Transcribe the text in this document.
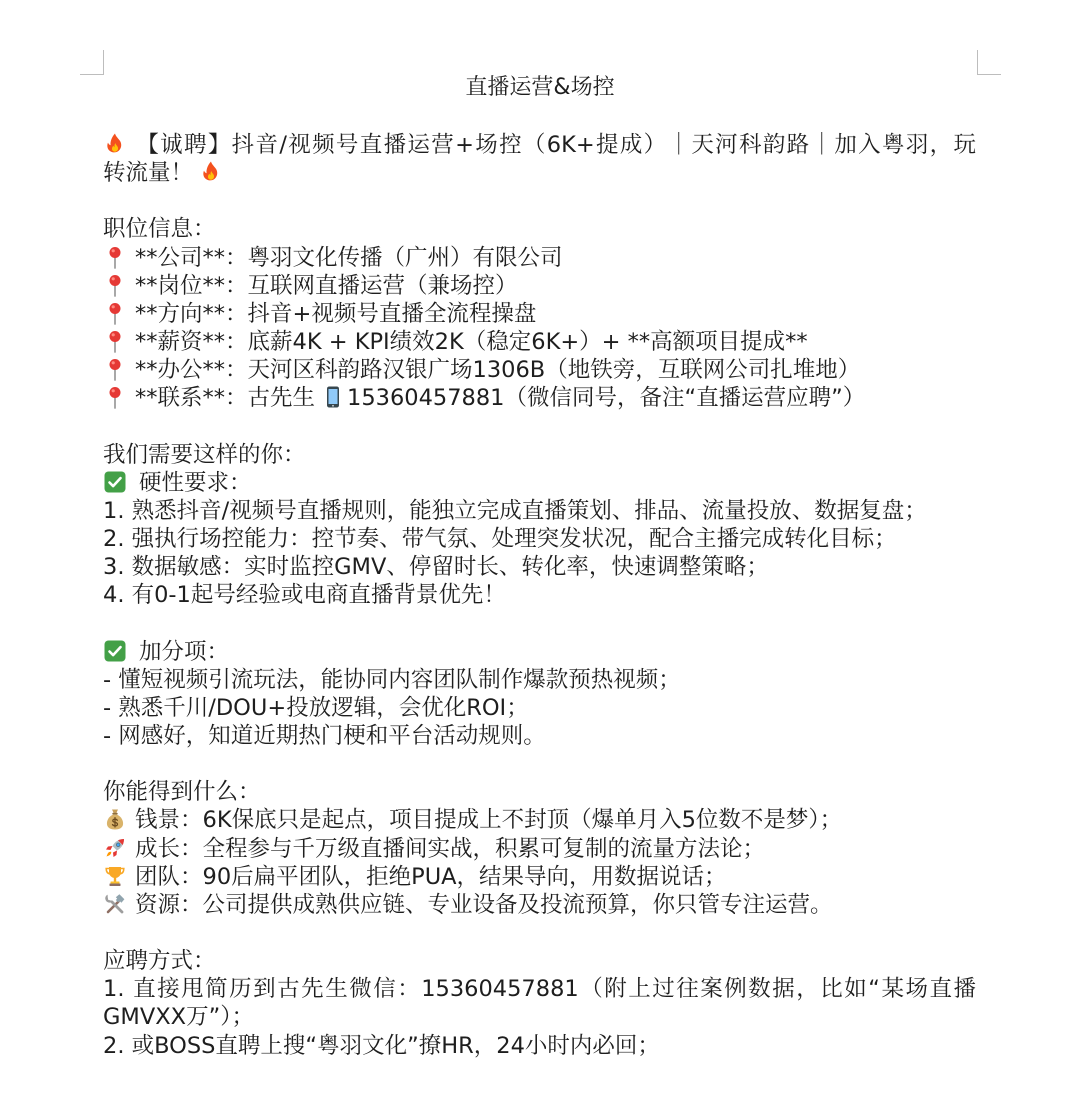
直播运营&场控
【诚聘】抖音/视频号直播运营+场控（6K+提成）｜天河科韵路｜加入粤羽，玩
转流量！
职位信息：
**公司**：粤羽文化传播（广州）有限公司
**岗位**：互联网直播运营（兼场控）
**方向**：抖音+视频号直播全流程操盘
**薪资**：底薪4K + KPI绩效2K（稳定6K+）+ **高额项目提成**
**办公**：天河区科韵路汉银广场1306B（地铁旁，互联网公司扎堆地）
**联系**：古先生 15360457881（微信同号，备注“直播运营应聘”）
我们需要这样的你：
硬性要求：
1. 熟悉抖音/视频号直播规则，能独立完成直播策划、排品、流量投放、数据复盘；
2. 强执行场控能力：控节奏、带气氛、处理突发状况，配合主播完成转化目标；
3. 数据敏感：实时监控GMV、停留时长、转化率，快速调整策略；
4. 有0-1起号经验或电商直播背景优先！
加分项：
- 懂短视频引流玩法，能协同内容团队制作爆款预热视频；
- 熟悉千川/DOU+投放逻辑，会优化ROI；
- 网感好，知道近期热门梗和平台活动规则。
你能得到什么：
钱景：6K保底只是起点，项目提成上不封顶（爆单月入5位数不是梦）；
成长：全程参与千万级直播间实战，积累可复制的流量方法论；
团队：90后扁平团队，拒绝PUA，结果导向，用数据说话；
资源：公司提供成熟供应链、专业设备及投流预算，你只管专注运营。
应聘方式：
1. 直接甩简历到古先生微信：15360457881（附上过往案例数据，比如“某场直播
GMVXX万”）；
2. 或BOSS直聘上搜“粤羽文化”撩HR，24小时内必回；
